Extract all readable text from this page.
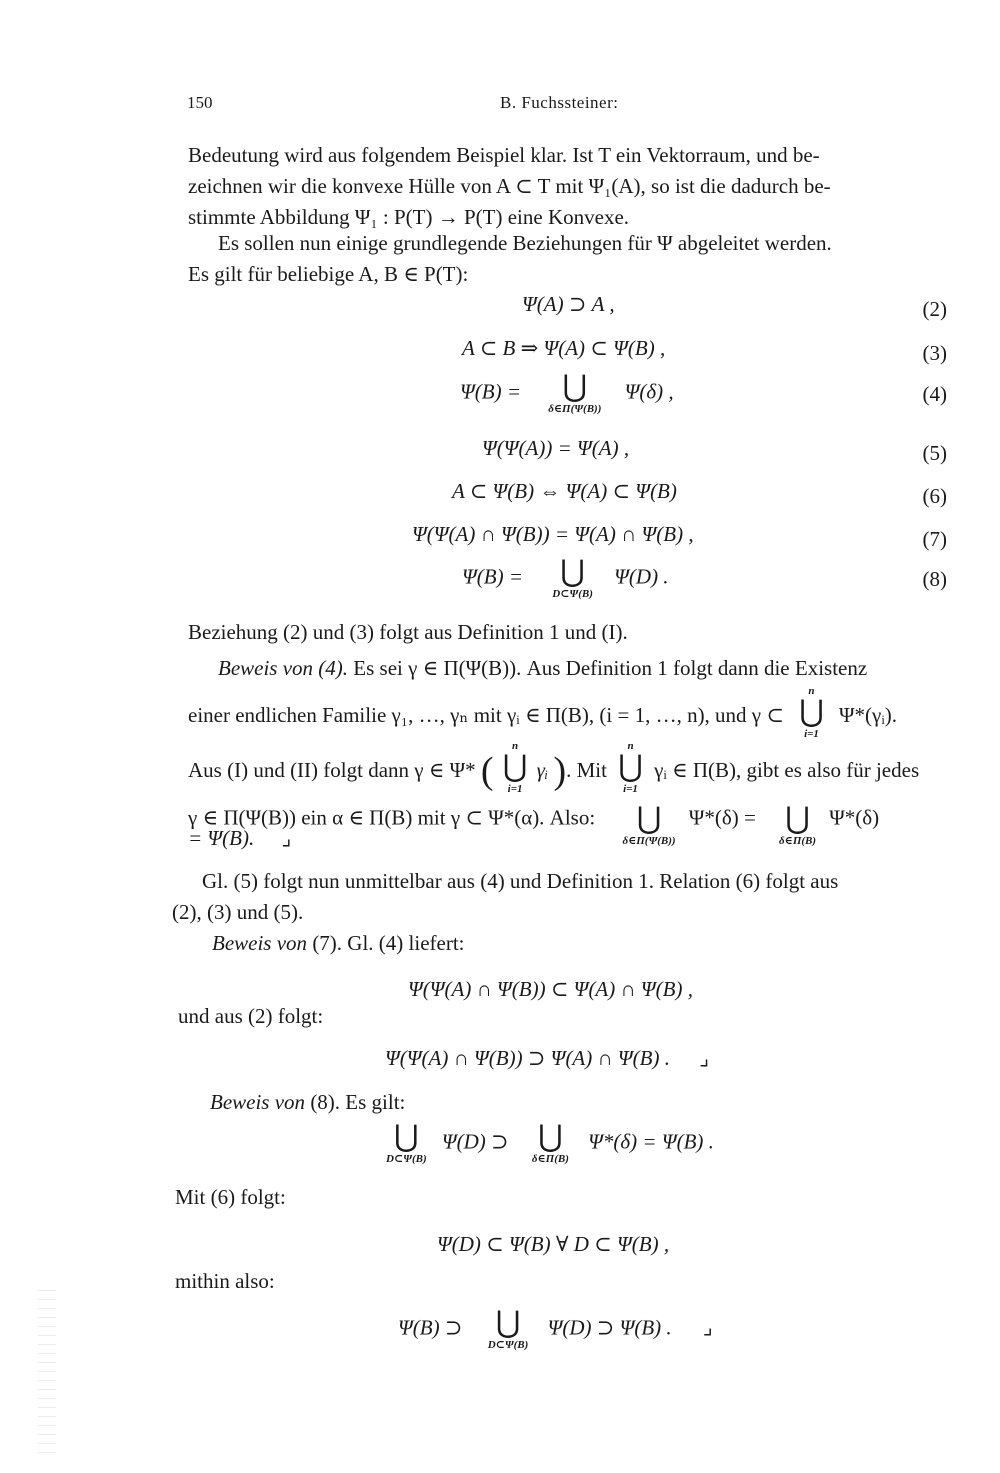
150	B. Fuchssteiner:
Bedeutung wird aus folgendem Beispiel klar. Ist T ein Vektorraum, und be-
zeichnen wir die konvexe Hülle von A ⊂ T mit Ψ₁(A), so ist die dadurch be-
stimmte Abbildung Ψ₁ : P(T) → P(T) eine Konvexe.
Es sollen nun einige grundlegende Beziehungen für Ψ abgeleitet werden.
Es gilt für beliebige A, B ∈ P(T):
Ψ(A) ⊃ A ,	(2)
A ⊂ B ⇒ Ψ(A) ⊂ Ψ(B) ,	(3)
Ψ(B) = ⋃
δ∈Π(Ψ(B))
Ψ(δ) ,	(4)
Ψ(Ψ(A)) = Ψ(A) ,	(5)
A ⊂ Ψ(B) ⇔ Ψ(A) ⊂ Ψ(B)	(6)
Ψ(Ψ(A) ∩ Ψ(B)) = Ψ(A) ∩ Ψ(B) ,	(7)
Ψ(B) = ⋃
D⊂Ψ(B)
Ψ(D) .	(8)
Beziehung (2) und (3) folgt aus Definition 1 und (I).
Beweis von (4). Es sei γ ∈ Π(Ψ(B)). Aus Definition 1 folgt dann die Existenz
einer endlichen Familie γ₁, …, γₙ mit γᵢ ∈ Π(B), (i = 1, …, n), und γ ⊂
n
⋃
i=1
Ψ*(γᵢ).
Aus (I) und (II) folgt dann γ ∈ Ψ* (
n
⋃
i=1
γᵢ ). Mit
n
⋃
i=1
γᵢ ∈ Π(B), gibt es also für jedes
γ ∈ Π(Ψ(B)) ein α ∈ Π(B) mit γ ⊂ Ψ*(α). Also: ⋃
δ∈Π(Ψ(B))
Ψ*(δ) = ⋃
δ∈Π(B)
Ψ*(δ)
= Ψ(B). ⌟
Gl. (5) folgt nun unmittelbar aus (4) und Definition 1. Relation (6) folgt aus
(2), (3) und (5).
Beweis von (7). Gl. (4) liefert:
Ψ(Ψ(A) ∩ Ψ(B)) ⊂ Ψ(A) ∩ Ψ(B) ,
und aus (2) folgt:
Ψ(Ψ(A) ∩ Ψ(B)) ⊃ Ψ(A) ∩ Ψ(B) . ⌟
Beweis von (8). Es gilt:
⋃
D⊂Ψ(B)
Ψ(D) ⊃ ⋃
δ∈Π(B)
Ψ*(δ) = Ψ(B) .
Mit (6) folgt:
Ψ(D) ⊂ Ψ(B) ∀ D ⊂ Ψ(B) ,
mithin also:
Ψ(B) ⊃ ⋃
D⊂Ψ(B)
Ψ(D) ⊃ Ψ(B) . ⌟
